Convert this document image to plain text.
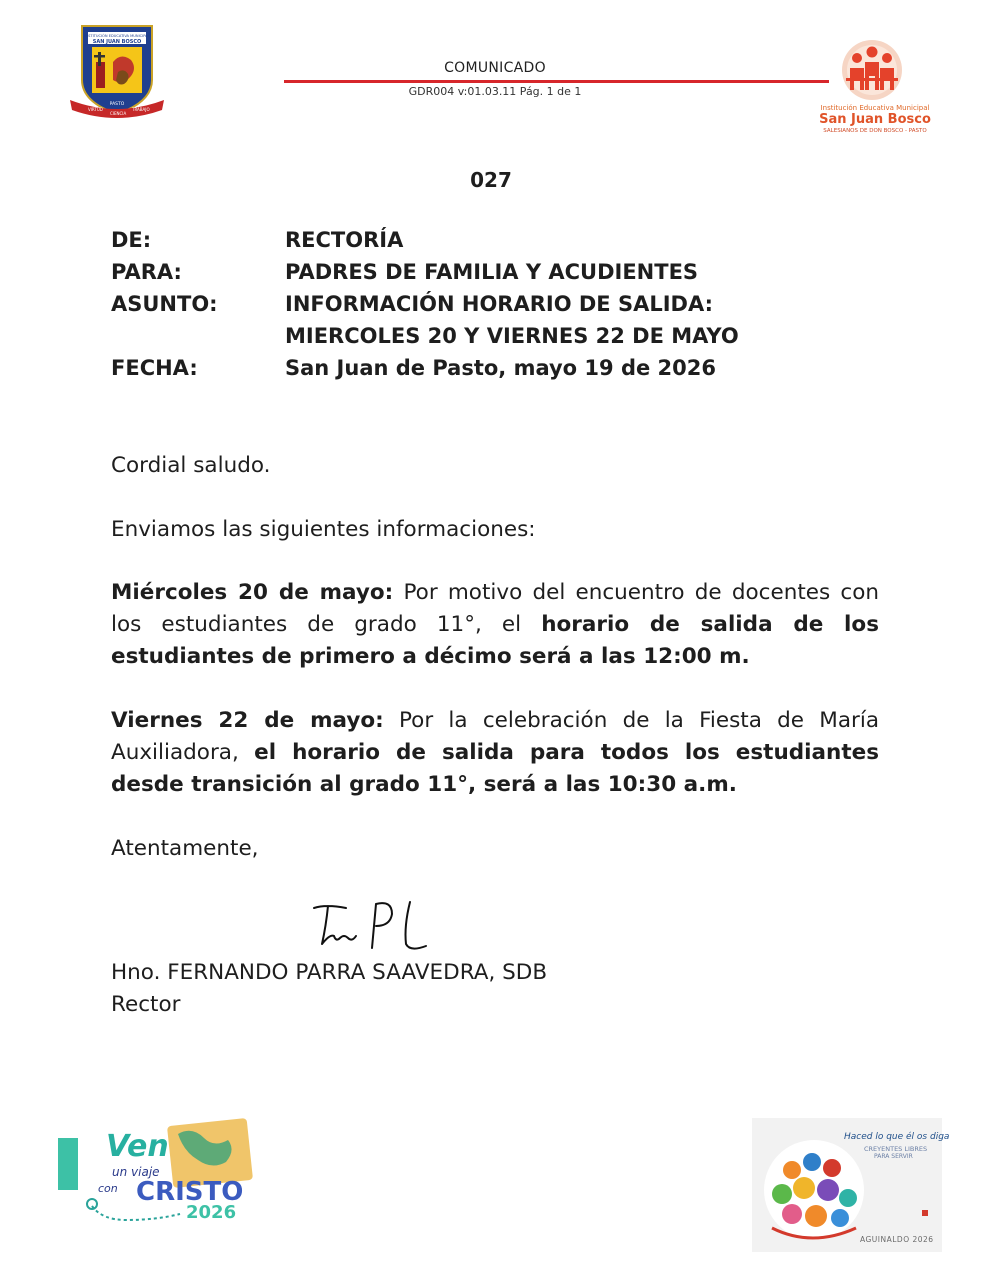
INSTITUCIÓN EDUCATIVA MUNICIPAL
SAN JUAN BOSCO
PASTO
VIRTUD
CIENCIA
TRABAJO
COMUNICADO
GDR004 v:01.03.11 Pág. 1 de 1
Institución Educativa Municipal
San Juan Bosco
SALESIANOS DE DON BOSCO - PASTO
027
DE:	RECTORÍA
PARA:	PADRES DE FAMILIA Y ACUDIENTES
ASUNTO:	INFORMACIÓN HORARIO DE SALIDA:
MIERCOLES 20 Y VIERNES 22 DE MAYO
FECHA:	San Juan de Pasto, mayo 19 de 2026
Cordial saludo.
Enviamos las siguientes informaciones:
Miércoles 20 de mayo: Por motivo del encuentro de docentes con los estudiantes de grado 11°, el horario de salida de los estudiantes de primero a décimo será a las 12:00 m.
Viernes 22 de mayo: Por la celebración de la Fiesta de María Auxiliadora, el horario de salida para todos los estudiantes desde transición al grado 11°, será a las 10:30 a.m.
Atentamente,
Hno. FERNANDO PARRA SAAVEDRA, SDB
Rector
Ven
un viaje
con CRISTO
2026
Haced lo que él os diga
CREYENTES LIBRES
PARA SERVIR
AGUINALDO 2026
